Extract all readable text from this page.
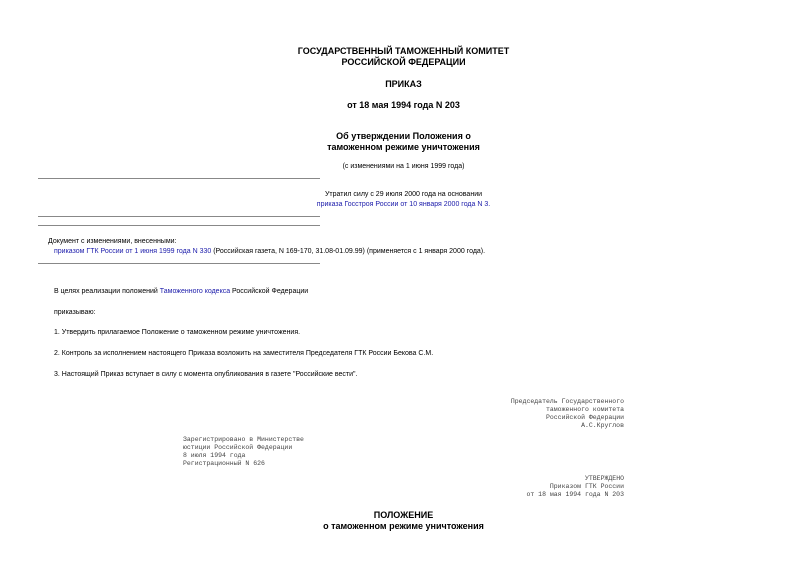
ГОСУДАРСТВЕННЫЙ ТАМОЖЕННЫЙ КОМИТЕТ
РОССИЙСКОЙ ФЕДЕРАЦИИ
ПРИКАЗ
от 18 мая 1994 года N 203
Об утверждении Положения о
таможенном режиме уничтожения
(с изменениями на 1 июня 1999 года)
Утратил силу с 29 июля 2000 года на основании
приказа Госстроя России от 10 января 2000 года N 3.
Документ с изменениями, внесенными:
приказом ГТК России от 1 июня 1999 года N 330 (Российская газета, N 169-170, 31.08-01.09.99) (применяется с 1 января 2000 года).
В целях реализации положений Таможенного кодекса Российской Федерации
приказываю:
1. Утвердить прилагаемое Положение о таможенном режиме уничтожения.
2. Контроль за исполнением настоящего Приказа возложить на заместителя Председателя ГТК России Бекова С.М.
3. Настоящий Приказ вступает в силу с момента опубликования в газете "Российские вести".
Председатель Государственного
таможенного комитета
Российской Федерации
А.С.Круглов
Зарегистрировано в Министерстве
юстиции Российской Федерации
8 июля 1994 года
Регистрационный N 626
УТВЕРЖДЕНО
Приказом ГТК России
от 18 мая 1994 года N 203
ПОЛОЖЕНИЕ
о таможенном режиме уничтожения
